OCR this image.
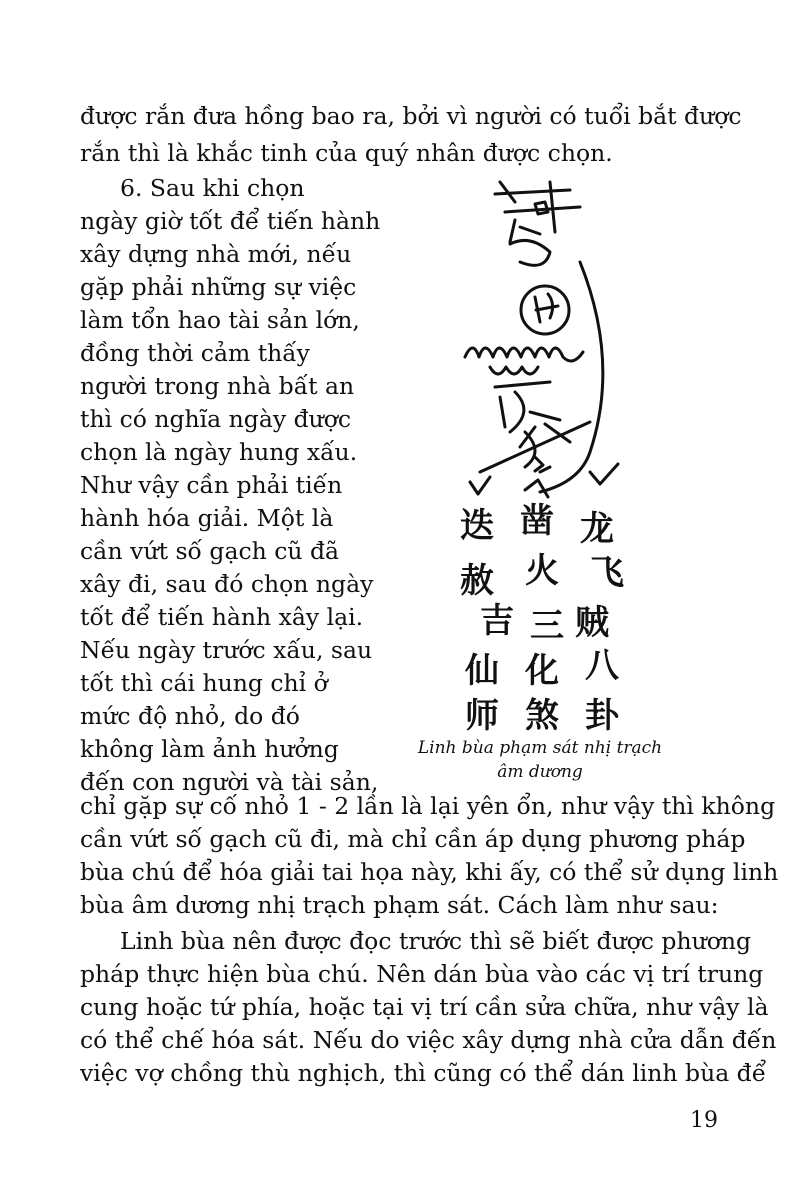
được rắn đưa hồng bao ra, bởi vì người có tuổi bắt được
rắn thì là khắc tinh của quý nhân được chọn.
6. Sau khi chọn
ngày giờ tốt để tiến hành
xây dựng nhà mới, nếu
gặp phải những sự việc
làm tổn hao tài sản lớn,
đồng thời cảm thấy
người trong nhà bất an
thì có nghĩa ngày được
chọn là ngày hung xấu.
Như vậy cần phải tiến
hành hóa giải. Một là
cần vứt số gạch cũ đã
xây đi, sau đó chọn ngày
tốt để tiến hành xây lại.
Nếu ngày trước xấu, sau
tốt thì cái hung chỉ ở
mức độ nhỏ, do đó
không làm ảnh hưởng
đến con người và tài sản,
迭 凿 龙
赦 火 飞
吉 三 贼
仙 化 八
师 煞 卦
Linh bùa phạm sát nhị trạch
âm dương
chỉ gặp sự cố nhỏ 1 - 2 lần là lại yên ổn, như vậy thì không
cần vứt số gạch cũ đi, mà chỉ cần áp dụng phương pháp
bùa chú để hóa giải tai họa này, khi ấy, có thể sử dụng linh
bùa âm dương nhị trạch phạm sát. Cách làm như sau:
Linh bùa nên được đọc trước thì sẽ biết được phương
pháp thực hiện bùa chú. Nên dán bùa vào các vị trí trung
cung hoặc tứ phía, hoặc tại vị trí cần sửa chữa, như vậy là
có thể chế hóa sát. Nếu do việc xây dựng nhà cửa dẫn đến
việc vợ chồng thù nghịch, thì cũng có thể dán linh bùa để
19
